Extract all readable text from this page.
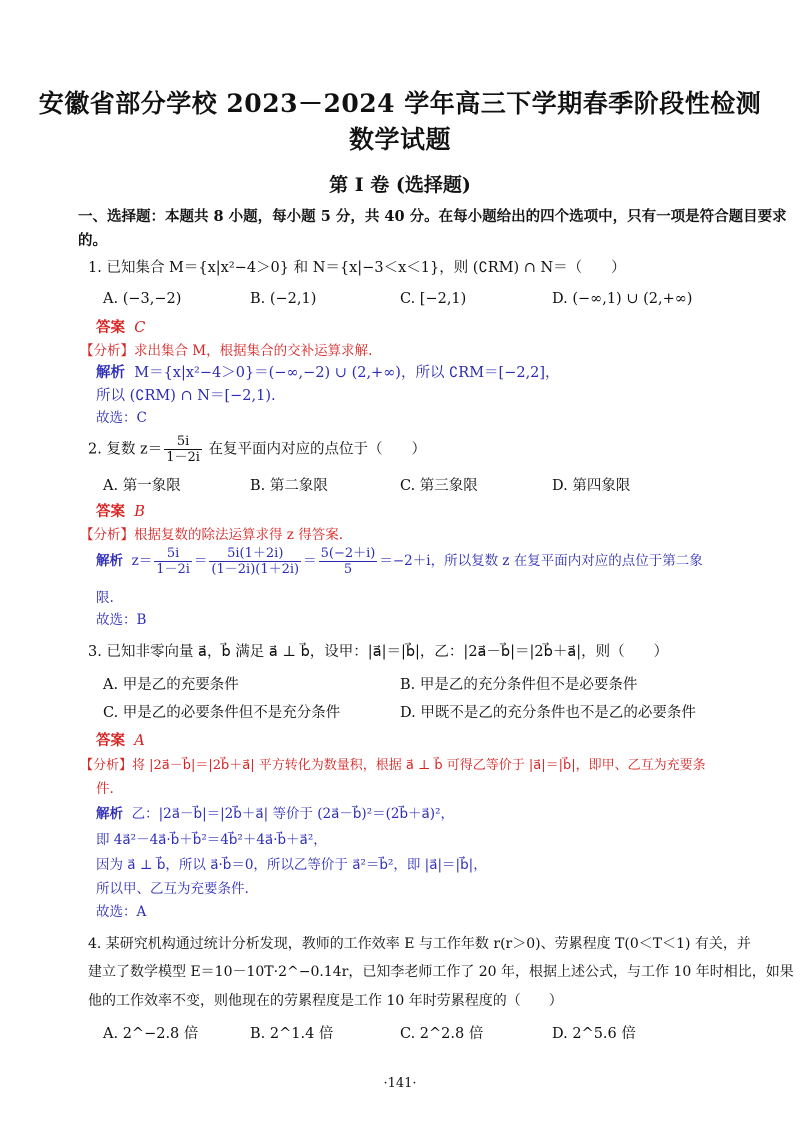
安徽省部分学校 2023－2024 学年高三下学期春季阶段性检测
数学试题
第 I 卷 (选择题)
一、选择题：本题共 8 小题，每小题 5 分，共 40 分。在每小题给出的四个选项中，只有一项是符合题目要求
的。
1. 已知集合 M＝{x|x²−4＞0} 和 N＝{x|−3＜x＜1}，则 (∁RM) ∩ N＝（　　）
A. (−3,−2)	B. (−2,1)	C. [−2,1)	D. (−∞,1) ∪ (2,+∞)
答案 C
【分析】求出集合 M，根据集合的交补运算求解.
解析 M＝{x|x²−4＞0}＝(−∞,−2) ∪ (2,+∞)，所以 ∁RM＝[−2,2]，
所以 (∁RM) ∩ N＝[−2,1).
故选：C
2. 复数 $z= \frac{5i}{1-2i}$ 在复平面内对应的点位于（　　）
A. 第一象限	B. 第二象限	C. 第三象限	D. 第四象限
答案 B
【分析】根据复数的除法运算求得 z 得答案.
解析 $z= \frac{5i}{1-2i} = \frac{5i(1+2i)}{(1-2i)(1+2i)} = \frac{5(-2+i)}{5} =-2+i$，所以复数 z 在复平面内对应的点位于第二象
限.
故选：B
3. 已知非零向量 a⃗，b⃗ 满足 a⃗ ⊥ b⃗，设甲：|a⃗|＝|b⃗|，乙：|2a⃗－b⃗|＝|2b⃗＋a⃗|，则（　　）
A. 甲是乙的充要条件	B. 甲是乙的充分条件但不是必要条件
C. 甲是乙的必要条件但不是充分条件	D. 甲既不是乙的充分条件也不是乙的必要条件
答案 A
【分析】将 |2a⃗－b⃗|＝|2b⃗＋a⃗| 平方转化为数量积，根据 a⃗ ⊥ b⃗ 可得乙等价于 |a⃗|＝|b⃗|，即甲、乙互为充要条
件.
解析 乙：|2a⃗－b⃗|＝|2b⃗＋a⃗| 等价于 (2a⃗－b⃗)²＝(2b⃗＋a⃗)²，
即 4a⃗²－4a⃗·b⃗＋b⃗²＝4b⃗²＋4a⃗·b⃗＋a⃗²，
因为 a⃗ ⊥ b⃗，所以 a⃗·b⃗＝0，所以乙等价于 a⃗²＝b⃗²，即 |a⃗|＝|b⃗|，
所以甲、乙互为充要条件.
故选：A
4. 某研究机构通过统计分析发现，教师的工作效率 E 与工作年数 r(r＞0)、劳累程度 T(0＜T＜1) 有关，并
建立了数学模型 E＝10－10T·2^−0.14r，已知李老师工作了 20 年，根据上述公式，与工作 10 年时相比，如果
他的工作效率不变，则他现在的劳累程度是工作 10 年时劳累程度的（　　）
A. 2^−2.8 倍	B. 2^1.4 倍	C. 2^2.8 倍	D. 2^5.6 倍
·141·
